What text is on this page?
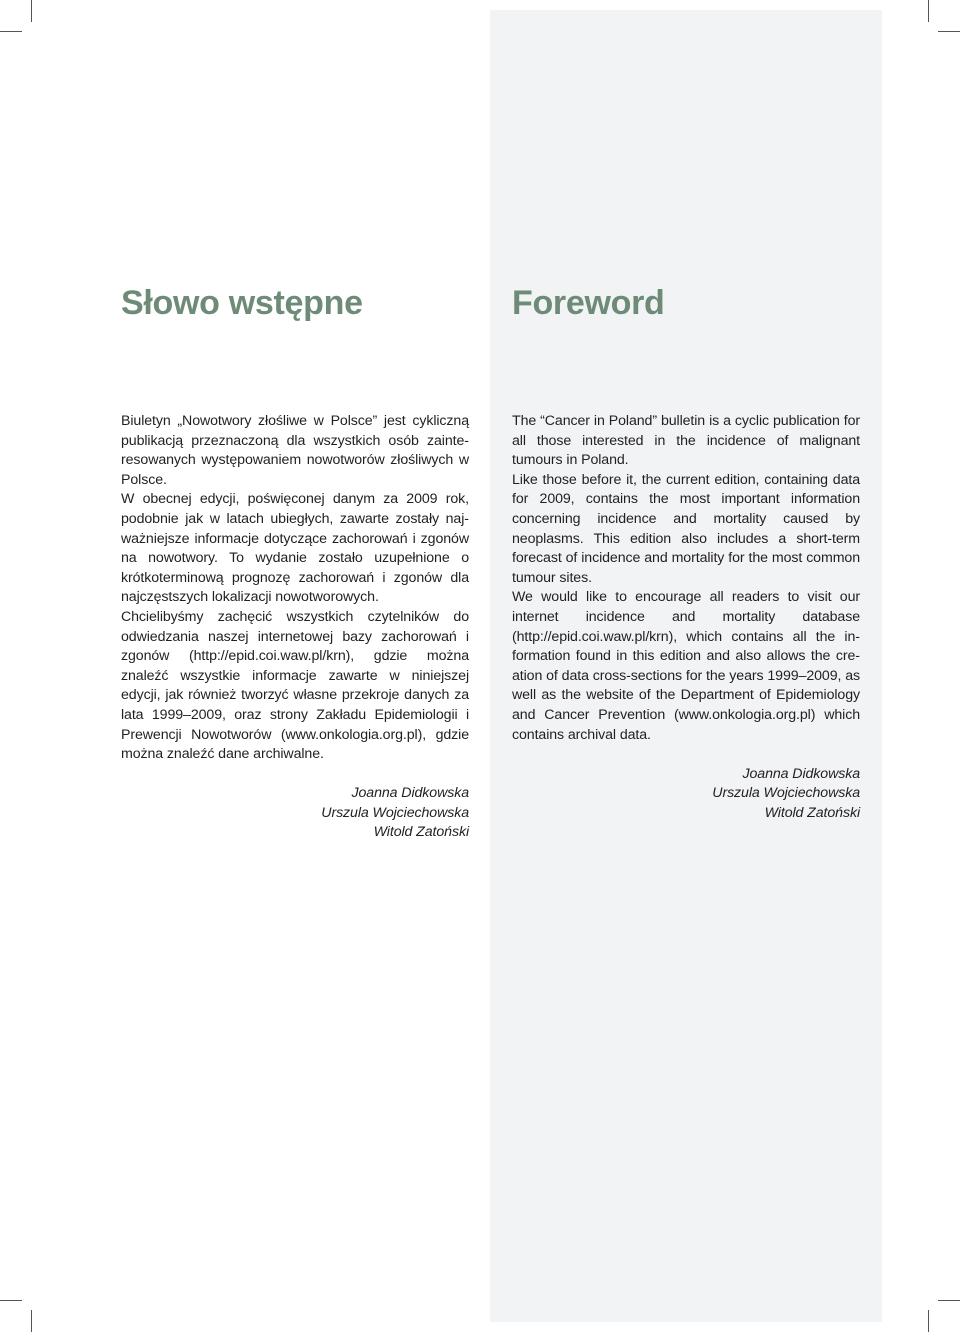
Słowo wstępne	Foreword

Biuletyn „Nowotwory złośliwe w Polsce” jest cykliczną publikacją przeznaczoną dla wszystkich osób zainteresowanych występowaniem nowotworów złośliwych w Polsce.

W obecnej edycji, poświęconej danym za 2009 rok, podobnie jak w latach ubiegłych, zawarte zostały najważniejsze informacje dotyczące zachorowań i zgonów na nowotwory. To wydanie zostało uzupełnione o krótkoterminową prognozę zachorowań i zgonów dla najczęstszych lokalizacji nowotworowych.

Chcielibyśmy zachęcić wszystkich czytelników do odwiedzania naszej internetowej bazy zachorowań i zgonów (http://epid.coi.waw.pl/krn), gdzie można znaleźć wszystkie informacje zawarte w niniejszej edycji, jak również tworzyć własne przekroje danych za lata 1999–2009, oraz strony Zakładu Epidemiologii i Prewencji Nowotworów (www.onkologia.org.pl), gdzie można znaleźć dane archiwalne.

Joanna Didkowska
Urszula Wojciechowska
Witold Zatoński

The “Cancer in Poland” bulletin is a cyclic publication for all those interested in the incidence of malignant tumours in Poland.

Like those before it, the current edition, containing data for 2009, contains the most important information concerning incidence and mortality caused by neoplasms. This edition also includes a short-term forecast of incidence and mortality for the most common tumour sites.

We would like to encourage all readers to visit our internet incidence and mortality database (http://epid.coi.waw.pl/krn), which contains all the information found in this edition and also allows the creation of data cross-sections for the years 1999–2009, as well as the website of the Department of Epidemiology and Cancer Prevention (www.onkologia.org.pl) which contains archival data.

Joanna Didkowska
Urszula Wojciechowska
Witold Zatoński
